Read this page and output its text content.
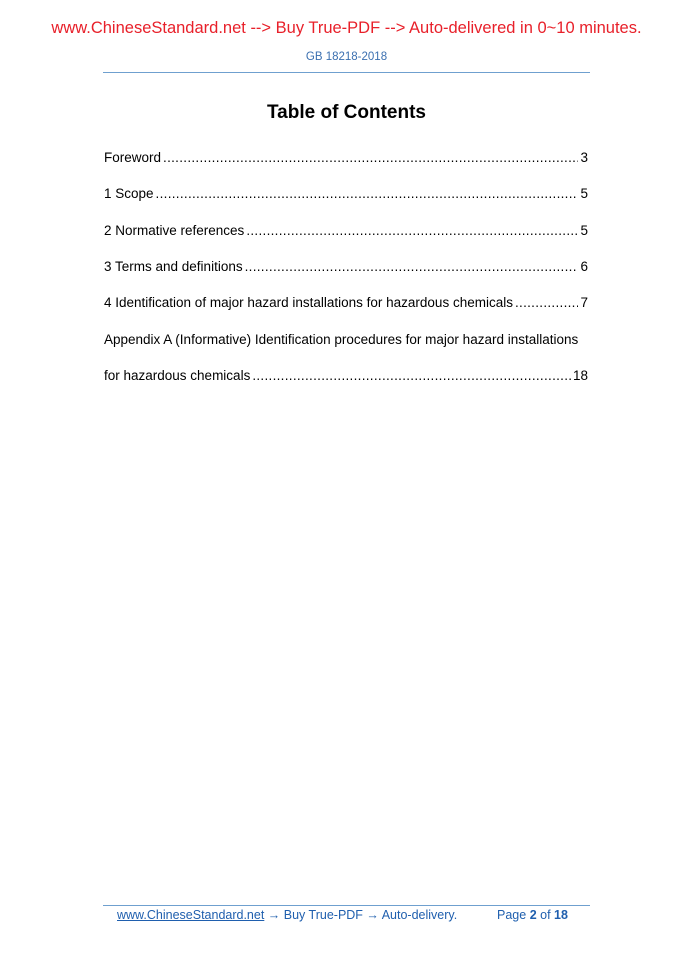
www.ChineseStandard.net --> Buy True-PDF --> Auto-delivered in 0~10 minutes.
GB 18218-2018
Table of Contents
Foreword .....	3
1 Scope .....	5
2 Normative references .....	5
3 Terms and definitions .....	6
4 Identification of major hazard installations for hazardous chemicals .....	7
Appendix A (Informative) Identification procedures for major hazard installations
for hazardous chemicals .....	18
www.ChineseStandard.net → Buy True-PDF → Auto-delivery.	Page 2 of 18
